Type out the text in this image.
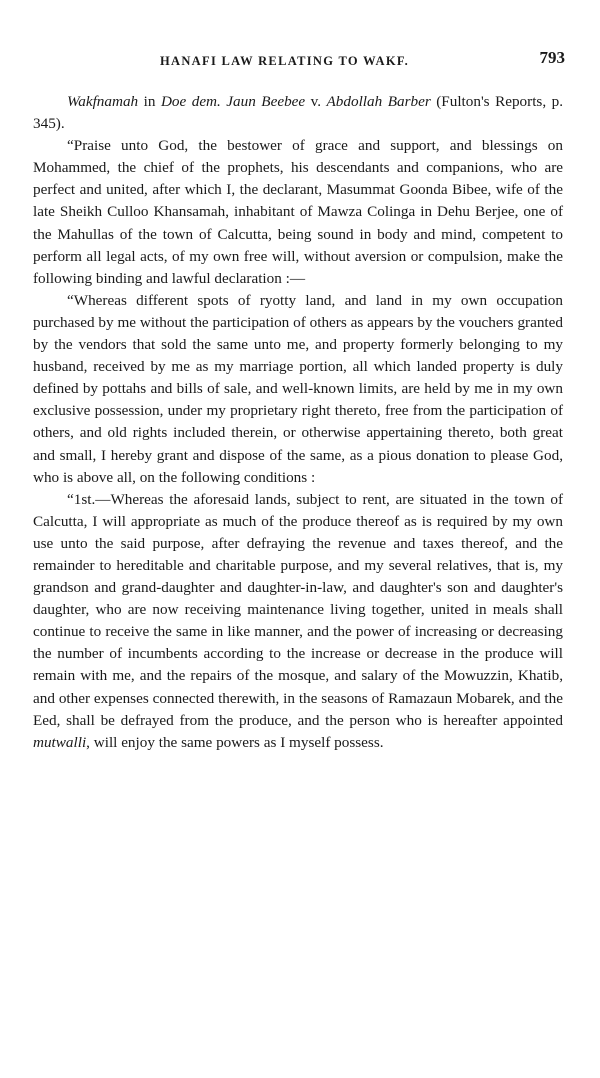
HANAFI LAW RELATING TO WAKF.	793

Wakfnamah in Doe dem. Jaun Beebee v. Abdollah Barber (Fulton's Reports, p. 345).

“Praise unto God, the bestower of grace and support, and blessings on Mohammed, the chief of the prophets, his descendants and companions, who are perfect and united, after which I, the declarant, Masummat Goonda Bibee, wife of the late Sheikh Culloo Khansamah, inhabitant of Mawza Colinga in Dehu Berjee, one of the Mahullas of the town of Calcutta, being sound in body and mind, competent to perform all legal acts, of my own free will, without aversion or compulsion, make the following binding and lawful declaration :—

“Whereas different spots of ryotty land, and land in my own occupation purchased by me without the participation of others as appears by the vouchers granted by the vendors that sold the same unto me, and property formerly belonging to my husband, received by me as my marriage portion, all which landed property is duly defined by pottahs and bills of sale, and well-known limits, are held by me in my own exclusive possession, under my proprietary right thereto, free from the participation of others, and old rights included therein, or otherwise appertaining thereto, both great and small, I hereby grant and dispose of the same, as a pious donation to please God, who is above all, on the following conditions :

“1st.—Whereas the aforesaid lands, subject to rent, are situated in the town of Calcutta, I will appropriate as much of the produce thereof as is required by my own use unto the said purpose, after defraying the revenue and taxes thereof, and the remainder to hereditable and charitable purpose, and my several relatives, that is, my grandson and grand-daughter and daughter-in-law, and daughter's son and daughter's daughter, who are now receiving maintenance living together, united in meals shall continue to receive the same in like manner, and the power of increasing or decreasing the number of incumbents according to the increase or decrease in the produce will remain with me, and the repairs of the mosque, and salary of the Mowuzzin, Khatib, and other expenses connected therewith, in the seasons of Ramazaun Mobarek, and the Eed, shall be defrayed from the produce, and the person who is hereafter appointed mutwalli, will enjoy the same powers as I myself possess.
